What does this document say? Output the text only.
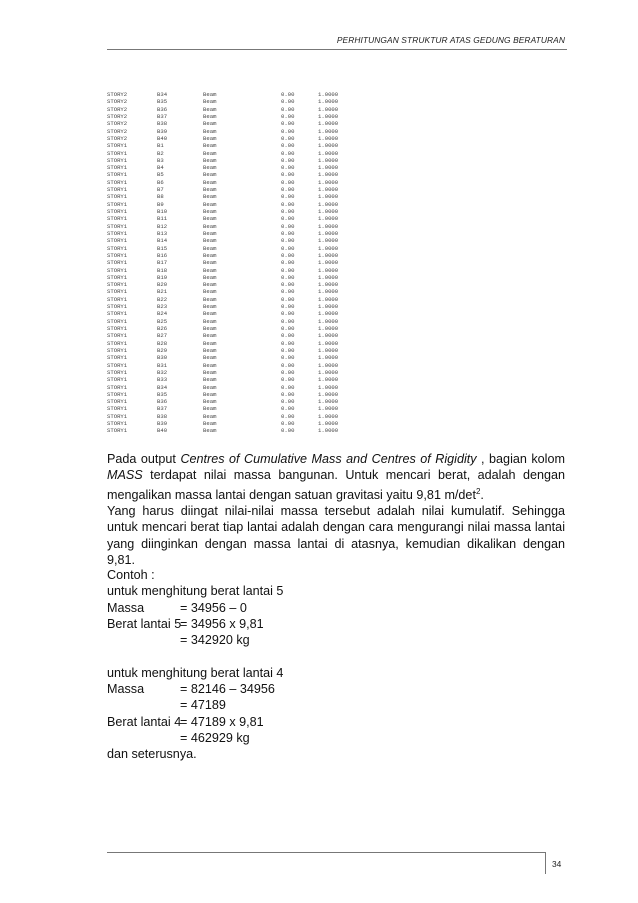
PERHITUNGAN STRUKTUR ATAS GEDUNG BERATURAN
STORY2	B34	Beam	0.00	1.0000
STORY2	B35	Beam	0.00	1.0000
STORY2	B36	Beam	0.00	1.0000
STORY2	B37	Beam	0.00	1.0000
STORY2	B38	Beam	0.00	1.0000
STORY2	B39	Beam	0.00	1.0000
STORY2	B40	Beam	0.00	1.0000
STORY1	B1	Beam	0.00	1.0000
STORY1	B2	Beam	0.00	1.0000
STORY1	B3	Beam	0.00	1.0000
STORY1	B4	Beam	0.00	1.0000
STORY1	B5	Beam	0.00	1.0000
STORY1	B6	Beam	0.00	1.0000
STORY1	B7	Beam	0.00	1.0000
STORY1	B8	Beam	0.00	1.0000
STORY1	B9	Beam	0.00	1.0000
STORY1	B10	Beam	0.00	1.0000
STORY1	B11	Beam	0.00	1.0000
STORY1	B12	Beam	0.00	1.0000
STORY1	B13	Beam	0.00	1.0000
STORY1	B14	Beam	0.00	1.0000
STORY1	B15	Beam	0.00	1.0000
STORY1	B16	Beam	0.00	1.0000
STORY1	B17	Beam	0.00	1.0000
STORY1	B18	Beam	0.00	1.0000
STORY1	B19	Beam	0.00	1.0000
STORY1	B20	Beam	0.00	1.0000
STORY1	B21	Beam	0.00	1.0000
STORY1	B22	Beam	0.00	1.0000
STORY1	B23	Beam	0.00	1.0000
STORY1	B24	Beam	0.00	1.0000
STORY1	B25	Beam	0.00	1.0000
STORY1	B26	Beam	0.00	1.0000
STORY1	B27	Beam	0.00	1.0000
STORY1	B28	Beam	0.00	1.0000
STORY1	B29	Beam	0.00	1.0000
STORY1	B30	Beam	0.00	1.0000
STORY1	B31	Beam	0.00	1.0000
STORY1	B32	Beam	0.00	1.0000
STORY1	B33	Beam	0.00	1.0000
STORY1	B34	Beam	0.00	1.0000
STORY1	B35	Beam	0.00	1.0000
STORY1	B36	Beam	0.00	1.0000
STORY1	B37	Beam	0.00	1.0000
STORY1	B38	Beam	0.00	1.0000
STORY1	B39	Beam	0.00	1.0000
STORY1	B40	Beam	0.00	1.0000

Pada output Centres of Cumulative Mass and Centres of Rigidity , bagian kolom MASS terdapat nilai massa bangunan. Untuk mencari berat, adalah dengan mengalikan massa lantai dengan satuan gravitasi yaitu 9,81 $m/\det^2$.

Yang harus diingat nilai-nilai massa tersebut adalah nilai kumulatif. Sehingga untuk mencari berat tiap lantai adalah dengan cara mengurangi nilai massa lantai yang diinginkan dengan massa lantai di atasnya, kemudian dikalikan dengan 9,81.

Contoh :
untuk menghitung berat lantai 5
Massa	= 34956 – 0
Berat lantai 5= 34956 x 9,81
= 342920 kg
untuk menghitung berat lantai 4
Massa	= 82146 – 34956
= 47189
Berat lantai 4= 47189 x 9,81
= 462929 kg
dan seterusnya.
34
